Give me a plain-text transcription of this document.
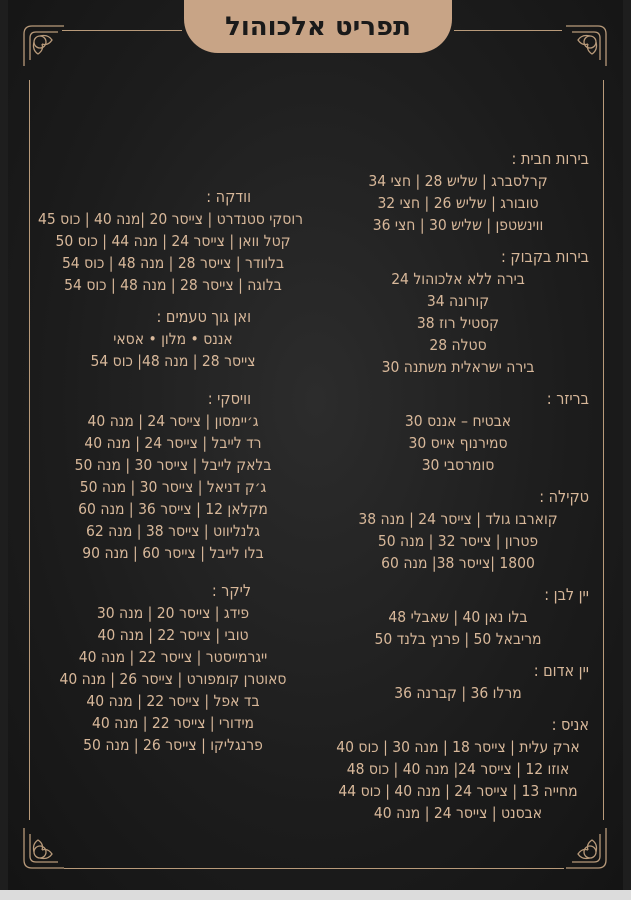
תפריט אלכוהול
בירות חבית :
קרלסברג | שליש 28 | חצי 34
טובורג | שליש 26 | חצי 32
ווינשטפן | שליש 30 | חצי 36
בירות בקבוק :
בירה ללא אלכוהול 24
קורונה 34
קסטיל רוז 38
סטלה 28
בירה ישראלית משתנה 30
בריזר :
אבטיח – אננס 30
סמירנוף אייס 30
סומרסבי 30
טקילה :
קוארבו גולד | צייסר 24 | מנה 38
פטרון | צייסר 32 | מנה 50
1800 |צייסר 38| מנה 60
יין לבן :
בלו נאן 40 | שאבלי 48
מריבאל 50 | פרנץ בלנד 50
יין אדום :
מרלו 36 | קברנה 36
אניס :
ארק עלית | צייסר 18 | מנה 30 | כוס 40
אוזו 12 | צייסר 24| מנה 40 | כוס 48
מחייה 13 | צייסר 24 | מנה 40 | כוס 44
אבסנט | צייסר 24 | מנה 40
וודקה :
רוסקי סטנדרט | צייסר 20 |מנה 40 | כוס 45
קטל וואן | צייסר 24 | מנה 44 | כוס 50
בלוודר | צייסר 28 | מנה 48 | כוס 54
בלוגה | צייסר 28 | מנה 48 | כוס 54
ואן גוך טעמים :
אננס • מלון • אסאי
צייסר 28 | מנה 48| כוס 54
וויסקי :
ג׳יימסון | צייסר 24 | מנה 40
רד לייבל | צייסר 24 | מנה 40
בלאק לייבל | צייסר 30 | מנה 50
ג׳ק דניאל | צייסר 30 | מנה 50
מקלאן 12 | צייסר 36 | מנה 60
גלנליווט | צייסר 38 | מנה 62
בלו לייבל | צייסר 60 | מנה 90
ליקר :
פידג | צייסר 20 | מנה 30
טובי | צייסר 22 | מנה 40
ייגרמייסטר | צייסר 22 | מנה 40
סאוטרן קומפורט | צייסר 26 | מנה 40
בד אפל | צייסר 22 | מנה 40
מידורי | צייסר 22 | מנה 40
פרנגליקו | צייסר 26 | מנה 50
